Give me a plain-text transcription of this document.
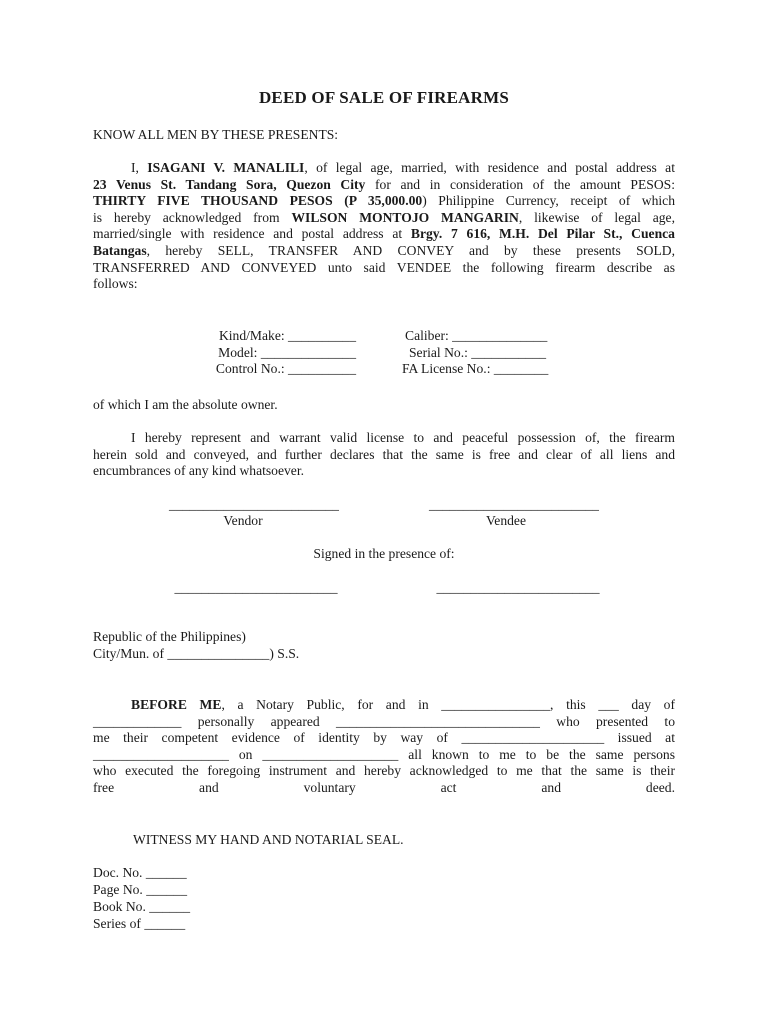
DEED OF SALE OF FIREARMS
KNOW ALL MEN BY THESE PRESENTS:
I, ISAGANI V. MANALILI, of legal age, married, with residence and postal address at
23 Venus St. Tandang Sora, Quezon City for and in consideration of the amount PESOS:
THIRTY FIVE THOUSAND PESOS (P 35,000.00) Philippine Currency, receipt of which
is hereby acknowledged from WILSON MONTOJO MANGARIN, likewise of legal age,
married/single with residence and postal address at Brgy. 7 616, M.H. Del Pilar St., Cuenca
Batangas, hereby SELL, TRANSFER AND CONVEY and by these presents SOLD,
TRANSFERRED AND CONVEYED unto said VENDEE the following firearm describe as
follows:
Kind/Make: __________
Model: ______________
Control No.: __________
Caliber: ______________
Serial No.: ___________
FA License No.: ________
of which I am the absolute owner.
I hereby represent and warrant valid license to and peaceful possession of, the firearm
herein sold and conveyed, and further declares that the same is free and clear of all liens and
encumbrances of any kind whatsoever.
_________________________
Vendor
_________________________
Vendee
Signed in the presence of:
________________________	________________________
Republic of the Philippines)
City/Mun. of _______________) S.S.
BEFORE ME, a Notary Public, for and in ________________, this ___ day of
_____________ personally appeared ______________________________ who presented to
me their competent evidence of identity by way of _____________________ issued at
____________________ on ____________________ all known to me to be the same persons
who executed the foregoing instrument and hereby acknowledged to me that the same is their
free and voluntary act and deed.
WITNESS MY HAND AND NOTARIAL SEAL.
Doc. No. ______
Page No. ______
Book No. ______
Series of ______
